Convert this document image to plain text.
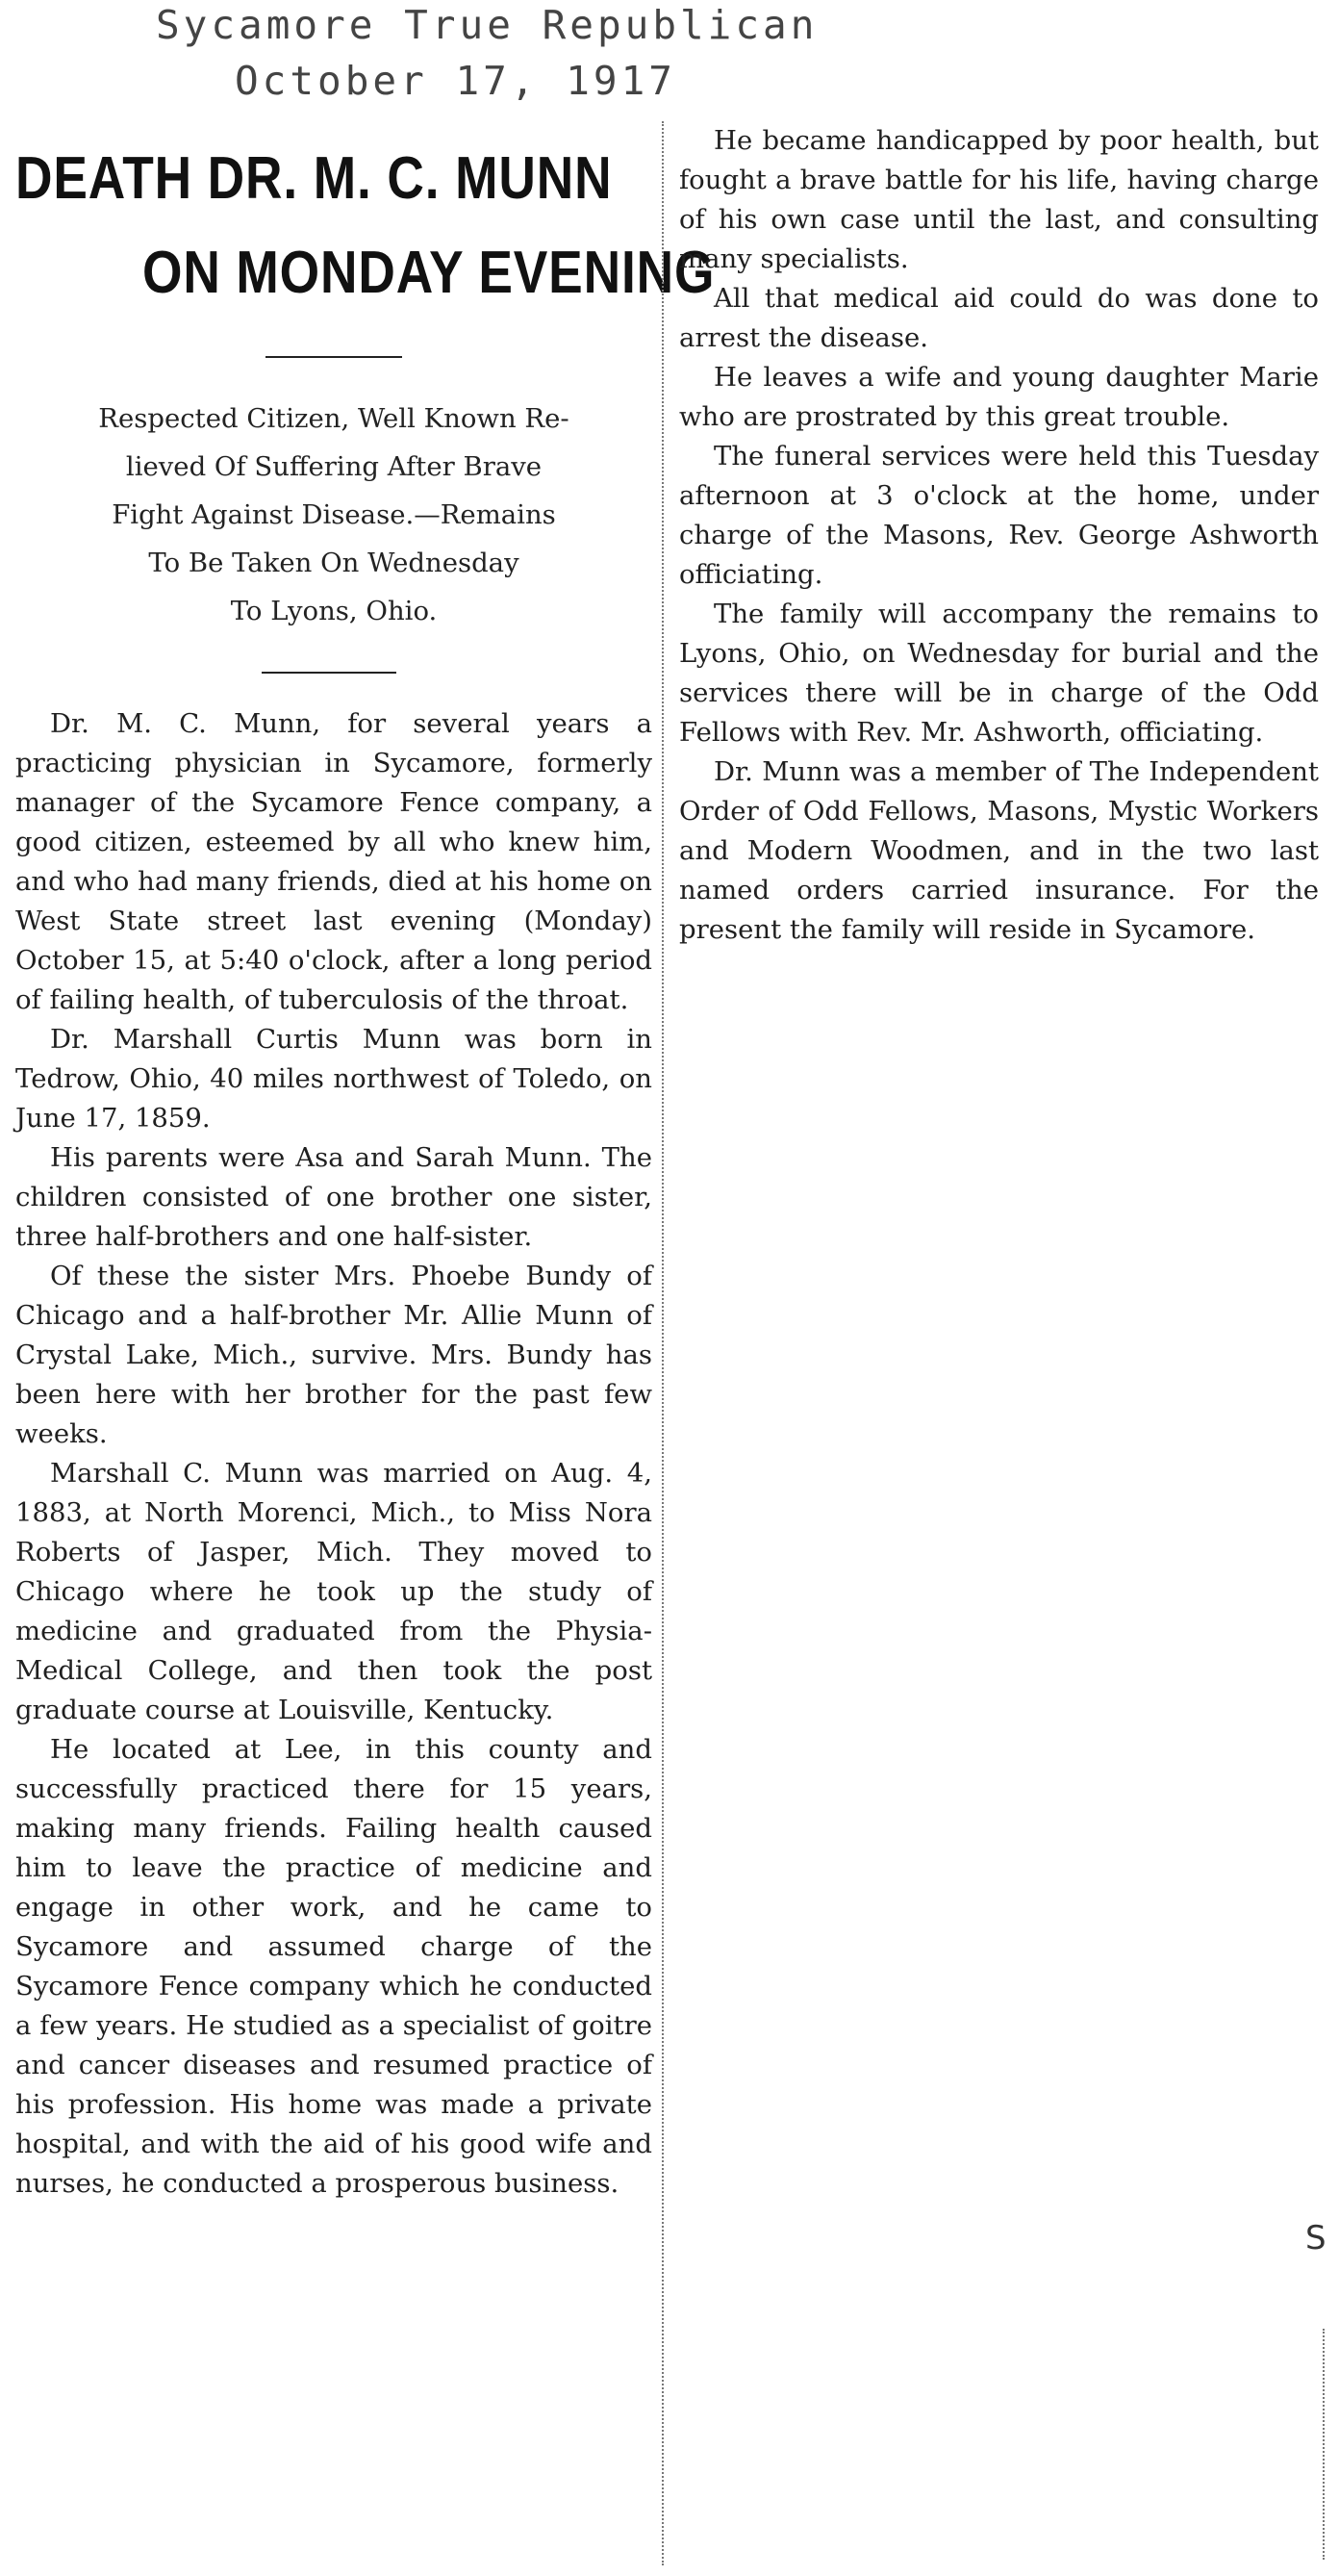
Sycamore True Republican
October 17, 1917
DEATH DR. M. C. MUNN
ON MONDAY EVENING
Respected Citizen, Well Known Re-
lieved Of Suffering After Brave
Fight Against Disease.—Remains
To Be Taken On Wednesday
To Lyons, Ohio.

Dr. M. C. Munn, for several years a practicing physician in Sycamore, formerly manager of the Sycamore Fence company, a good citizen, esteemed by all who knew him, and who had many friends, died at his home on West State street last evening (Monday) October 15, at 5:40 o'clock, after a long period of failing health, of tuberculosis of the throat.

Dr. Marshall Curtis Munn was born in Tedrow, Ohio, 40 miles northwest of Toledo, on June 17, 1859.

His parents were Asa and Sarah Munn. The children consisted of one brother one sister, three half-brothers and one half-sister.

Of these the sister Mrs. Phoebe Bundy of Chicago and a half-brother Mr. Allie Munn of Crystal Lake, Mich., survive. Mrs. Bundy has been here with her brother for the past few weeks.

Marshall C. Munn was married on Aug. 4, 1883, at North Morenci, Mich., to Miss Nora Roberts of Jasper, Mich. They moved to Chicago where he took up the study of medicine and graduated from the Physia-Medical College, and then took the post graduate course at Louisville, Kentucky.

He located at Lee, in this county and successfully practiced there for 15 years, making many friends. Failing health caused him to leave the practice of medicine and engage in other work, and he came to Sycamore and assumed charge of the Sycamore Fence company which he conducted a few years. He studied as a specialist of goitre and cancer diseases and resumed practice of his profession. His home was made a private hospital, and with the aid of his good wife and nurses, he conducted a prosperous business.

He became handicapped by poor health, but fought a brave battle for his life, having charge of his own case until the last, and consulting many specialists.

All that medical aid could do was done to arrest the disease.

He leaves a wife and young daughter Marie who are prostrated by this great trouble.

The funeral services were held this Tuesday afternoon at 3 o'clock at the home, under charge of the Masons, Rev. George Ashworth officiating.

The family will accompany the remains to Lyons, Ohio, on Wednesday for burial and the services there will be in charge of the Odd Fellows with Rev. Mr. Ashworth, officiating.

Dr. Munn was a member of The Independent Order of Odd Fellows, Masons, Mystic Workers and Modern Woodmen, and in the two last named orders carried insurance. For the present the family will reside in Sycamore.

S
